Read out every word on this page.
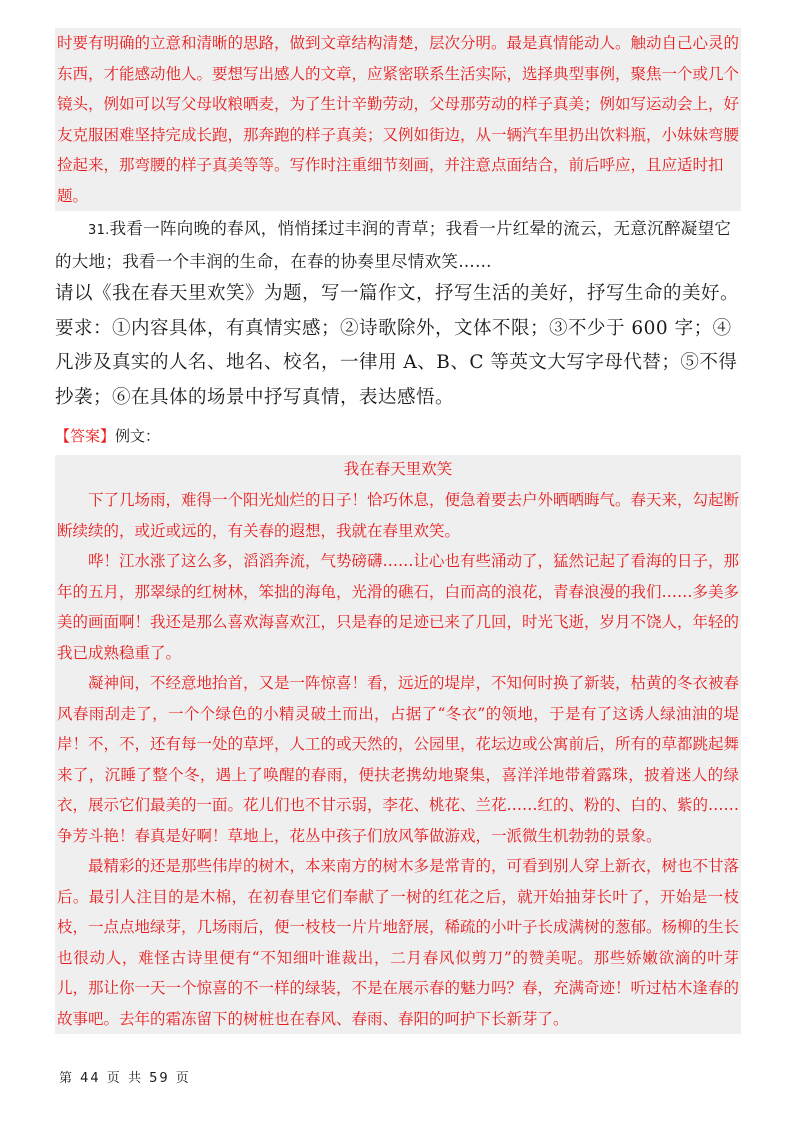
时要有明确的立意和清晰的思路，做到文章结构清楚，层次分明。最是真情能动人。触动自己心灵的东西，才能感动他人。要想写出感人的文章，应紧密联系生活实际，选择典型事例，聚焦一个或几个镜头，例如可以写父母收粮晒麦，为了生计辛勤劳动，父母那劳动的样子真美；例如写运动会上，好友克服困难坚持完成长跑，那奔跑的样子真美；又例如街边，从一辆汽车里扔出饮料瓶，小妹妹弯腰捡起来，那弯腰的样子真美等等。写作时注重细节刻画，并注意点面结合，前后呼应，且应适时扣题。

31.我看一阵向晚的春风，悄悄揉过丰润的青草；我看一片红晕的流云，无意沉醉凝望它的大地；我看一个丰润的生命，在春的协奏里尽情欢笑……

请以《我在春天里欢笑》为题，写一篇作文，抒写生活的美好，抒写生命的美好。

要求：①内容具体，有真情实感；②诗歌除外，文体不限；③不少于 600 字；④凡涉及真实的人名、地名、校名，一律用 A、B、C 等英文大写字母代替；⑤不得抄袭；⑥在具体的场景中抒写真情，表达感悟。

【答案】例文：

我在春天里欢笑

下了几场雨，难得一个阳光灿烂的日子！恰巧休息，便急着要去户外晒晒晦气。春天来，勾起断断续续的，或近或远的，有关春的遐想，我就在春里欢笑。

哗！江水涨了这么多，滔滔奔流，气势磅礴……让心也有些涌动了，猛然记起了看海的日子，那年的五月，那翠绿的红树林，笨拙的海龟，光滑的礁石，白而高的浪花，青春浪漫的我们……多美多美的画面啊！我还是那么喜欢海喜欢江，只是春的足迹已来了几回，时光飞逝，岁月不饶人，年轻的我已成熟稳重了。

凝神间，不经意地抬首，又是一阵惊喜！看，远近的堤岸，不知何时换了新装，枯黄的冬衣被春风春雨刮走了，一个个绿色的小精灵破土而出，占据了“冬衣”的领地，于是有了这诱人绿油油的堤岸！不，不，还有每一处的草坪，人工的或天然的，公园里，花坛边或公寓前后，所有的草都跳起舞来了，沉睡了整个冬，遇上了唤醒的春雨，便扶老携幼地聚集，喜洋洋地带着露珠，披着迷人的绿衣，展示它们最美的一面。花儿们也不甘示弱，李花、桃花、兰花……红的、粉的、白的、紫的……争芳斗艳！春真是好啊！草地上，花丛中孩子们放风筝做游戏，一派微生机勃勃的景象。

最精彩的还是那些伟岸的树木，本来南方的树木多是常青的，可看到别人穿上新衣，树也不甘落后。最引人注目的是木棉，在初春里它们奉献了一树的红花之后，就开始抽芽长叶了，开始是一枝枝，一点点地绿芽，几场雨后，便一枝枝一片片地舒展，稀疏的小叶子长成满树的葱郁。杨柳的生长也很动人，难怪古诗里便有“不知细叶谁裁出，二月春风似剪刀”的赞美呢。那些娇嫩欲滴的叶芽儿，那让你一天一个惊喜的不一样的绿装，不是在展示春的魅力吗？春，充满奇迹！听过枯木逢春的故事吧。去年的霜冻留下的树桩也在春风、春雨、春阳的呵护下长新芽了。

第 44 页 共 59 页
